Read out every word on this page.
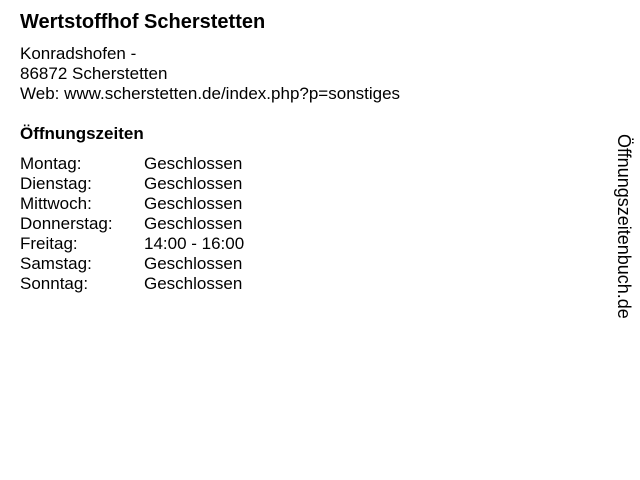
Wertstoffhof Scherstetten
Konradshofen -
86872 Scherstetten
Web: www.scherstetten.de/index.php?p=sonstiges
Öffnungszeiten
Montag:	Geschlossen
Dienstag:	Geschlossen
Mittwoch:	Geschlossen
Donnerstag:	Geschlossen
Freitag:	14:00 - 16:00
Samstag:	Geschlossen
Sonntag:	Geschlossen	Öffnungszeitenbuch.de
